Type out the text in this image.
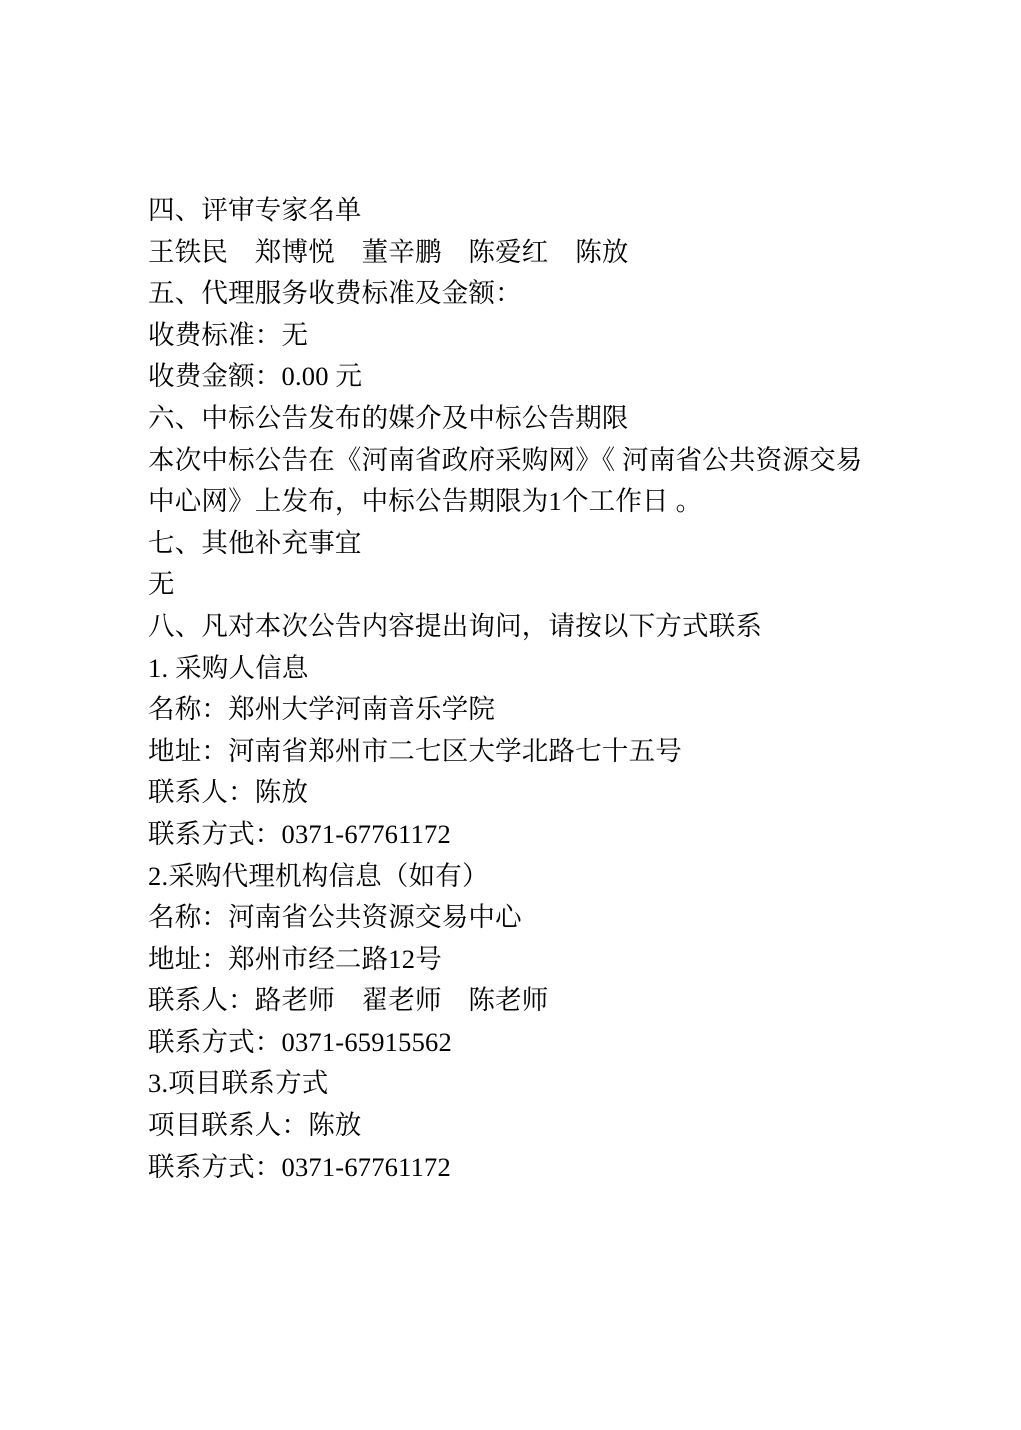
四、评审专家名单

王铁民　郑博悦　董辛鹏　陈爱红　陈放

五、代理服务收费标准及金额：

收费标准：无

收费金额：0.00 元

六、中标公告发布的媒介及中标公告期限

本次中标公告在《河南省政府采购网》《 河南省公共资源交易

中心网》上发布，中标公告期限为1个工作日 。

七、其他补充事宜

无

八、凡对本次公告内容提出询问，请按以下方式联系

1. 采购人信息

名称：郑州大学河南音乐学院

地址：河南省郑州市二七区大学北路七十五号

联系人：陈放

联系方式：0371-67761172

2.采购代理机构信息（如有）

名称：河南省公共资源交易中心

地址：郑州市经二路12号

联系人：路老师　翟老师　陈老师

联系方式：0371-65915562

3.项目联系方式

项目联系人：陈放

联系方式：0371-67761172
